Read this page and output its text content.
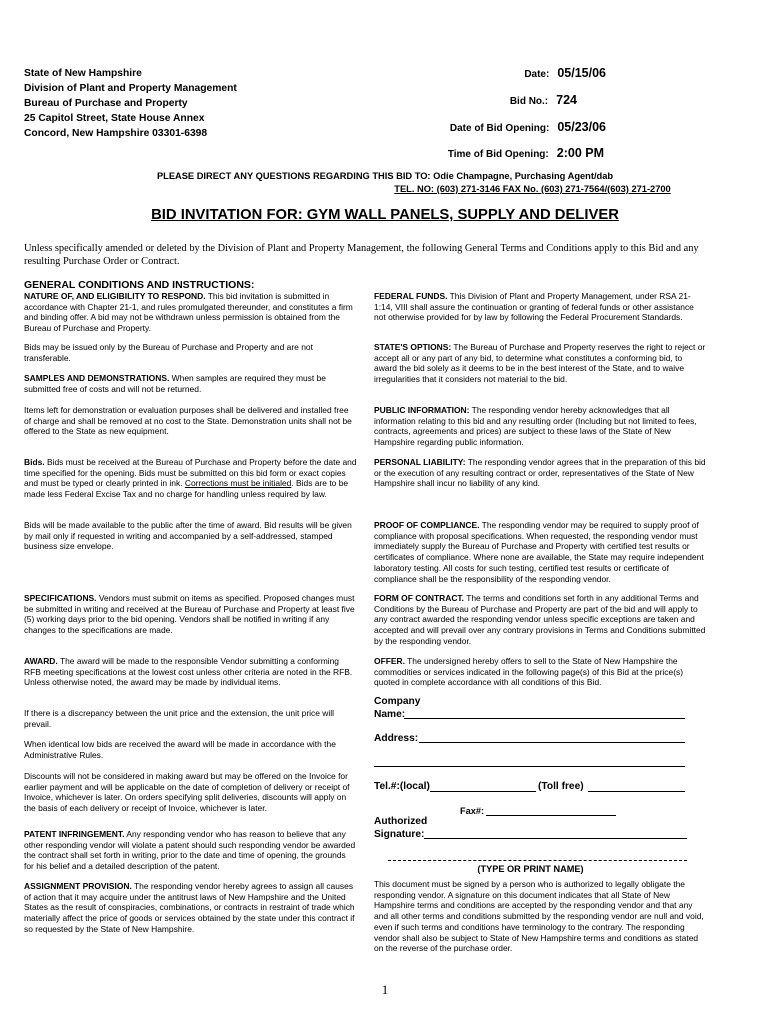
State of New Hampshire
Division of Plant and Property Management
Bureau of Purchase and Property
25 Capitol Street, State House Annex
Concord, New Hampshire 03301-6398
Date: 05/15/06
Bid No.: 724
Date of Bid Opening: 05/23/06
Time of Bid Opening: 2:00 PM
PLEASE DIRECT ANY QUESTIONS REGARDING THIS BID TO: Odie Champagne, Purchasing Agent/dab
TEL. NO: (603) 271-3146 FAX No. (603) 271-7564/(603) 271-2700
BID INVITATION FOR: GYM WALL PANELS, SUPPLY AND DELIVER
Unless specifically amended or deleted by the Division of Plant and Property Management, the following General Terms and Conditions apply to this Bid and any resulting Purchase Order or Contract.
GENERAL CONDITIONS AND INSTRUCTIONS:

NATURE OF, AND ELIGIBILITY TO RESPOND. This bid invitation is submitted in accordance with Chapter 21-1, and rules promulgated thereunder, and constitutes a firm and binding offer. A bid may not be withdrawn unless permission is obtained from the Bureau of Purchase and Property.

Bids may be issued only by the Bureau of Purchase and Property and are not transferable.

SAMPLES AND DEMONSTRATIONS. When samples are required they must be submitted free of costs and will not be returned.

Items left for demonstration or evaluation purposes shall be delivered and installed free of charge and shall be removed at no cost to the State. Demonstration units shall not be offered to the State as new equipment.

Bids. Bids must be received at the Bureau of Purchase and Property before the date and time specified for the opening. Bids must be submitted on this bid form or exact copies and must be typed or clearly printed in ink. Corrections must be initialed. Bids are to be made less Federal Excise Tax and no charge for handling unless required by law.

Bids will be made available to the public after the time of award. Bid results will be given by mail only if requested in writing and accompanied by a self-addressed, stamped business size envelope.

SPECIFICATIONS. Vendors must submit on items as specified. Proposed changes must be submitted in writing and received at the Bureau of Purchase and Property at least five (5) working days prior to the bid opening. Vendors shall be notified in writing if any changes to the specifications are made.

AWARD. The award will be made to the responsible Vendor submitting a conforming RFB meeting specifications at the lowest cost unless other criteria are noted in the RFB. Unless otherwise noted, the award may be made by individual items.

If there is a discrepancy between the unit price and the extension, the unit price will prevail.

When identical low bids are received the award will be made in accordance with the Administrative Rules.

Discounts will not be considered in making award but may be offered on the Invoice for earlier payment and will be applicable on the date of completion of delivery or receipt of Invoice, whichever is later. On orders specifying split deliveries, discounts will apply on the basis of each delivery or receipt of Invoice, whichever is later.

PATENT INFRINGEMENT. Any responding vendor who has reason to believe that any other responding vendor will violate a patent should such responding vendor be awarded the contract shall set forth in writing, prior to the date and time of opening, the grounds for his belief and a detailed description of the patent.

ASSIGNMENT PROVISION. The responding vendor hereby agrees to assign all causes of action that it may acquire under the antitrust laws of New Hampshire and the United States as the result of conspiracies, combinations, or contracts in restraint of trade which materially affect the price of goods or services obtained by the state under this contract if so requested by the State of New Hampshire.

FEDERAL FUNDS. This Division of Plant and Property Management, under RSA 21-1:14, VIII shall assure the continuation or granting of federal funds or other assistance not otherwise provided for by law by following the Federal Procurement Standards.

STATE'S OPTIONS: The Bureau of Purchase and Property reserves the right to reject or accept all or any part of any bid, to determine what constitutes a conforming bid, to award the bid solely as it deems to be in the best interest of the State, and to waive irregularities that it considers not material to the bid.

PUBLIC INFORMATION: The responding vendor hereby acknowledges that all information relating to this bid and any resulting order (Including but not limited to fees, contracts, agreements and prices) are subject to these laws of the State of New Hampshire regarding public information.

PERSONAL LIABILITY: The responding vendor agrees that in the preparation of this bid or the execution of any resulting contract or order, representatives of the State of New Hampshire shall incur no liability of any kind.

PROOF OF COMPLIANCE. The responding vendor may be required to supply proof of compliance with proposal specifications. When requested, the responding vendor must immediately supply the Bureau of Purchase and Property with certified test results or certificates of compliance. Where none are available, the State may require independent laboratory testing. All costs for such testing, certified test results or certificate of compliance shall be the responsibility of the responding vendor.

FORM OF CONTRACT. The terms and conditions set forth in any additional Terms and Conditions by the Bureau of Purchase and Property are part of the bid and will apply to any contract awarded the responding vendor unless specific exceptions are taken and accepted and will prevail over any contrary provisions in Terms and Conditions submitted by the responding vendor.

OFFER. The undersigned hereby offers to sell to the State of New Hampshire the commodities or services indicated in the following page(s) of this Bid at the price(s) quoted in complete accordance with all conditions of this Bid.

Company
Name:
Address:
Tel.#:(local)	(Toll free)
Fax#:
Authorized
Signature:
(TYPE OR PRINT NAME)

This document must be signed by a person who is authorized to legally obligate the responding vendor. A signature on this document indicates that all State of New Hampshire terms and conditions are accepted by the responding vendor and that any and all other terms and conditions submitted by the responding vendor are null and void, even if such terms and conditions have terminology to the contrary. The responding vendor shall also be subject to State of New Hampshire terms and conditions as stated on the reverse of the purchase order.

1
